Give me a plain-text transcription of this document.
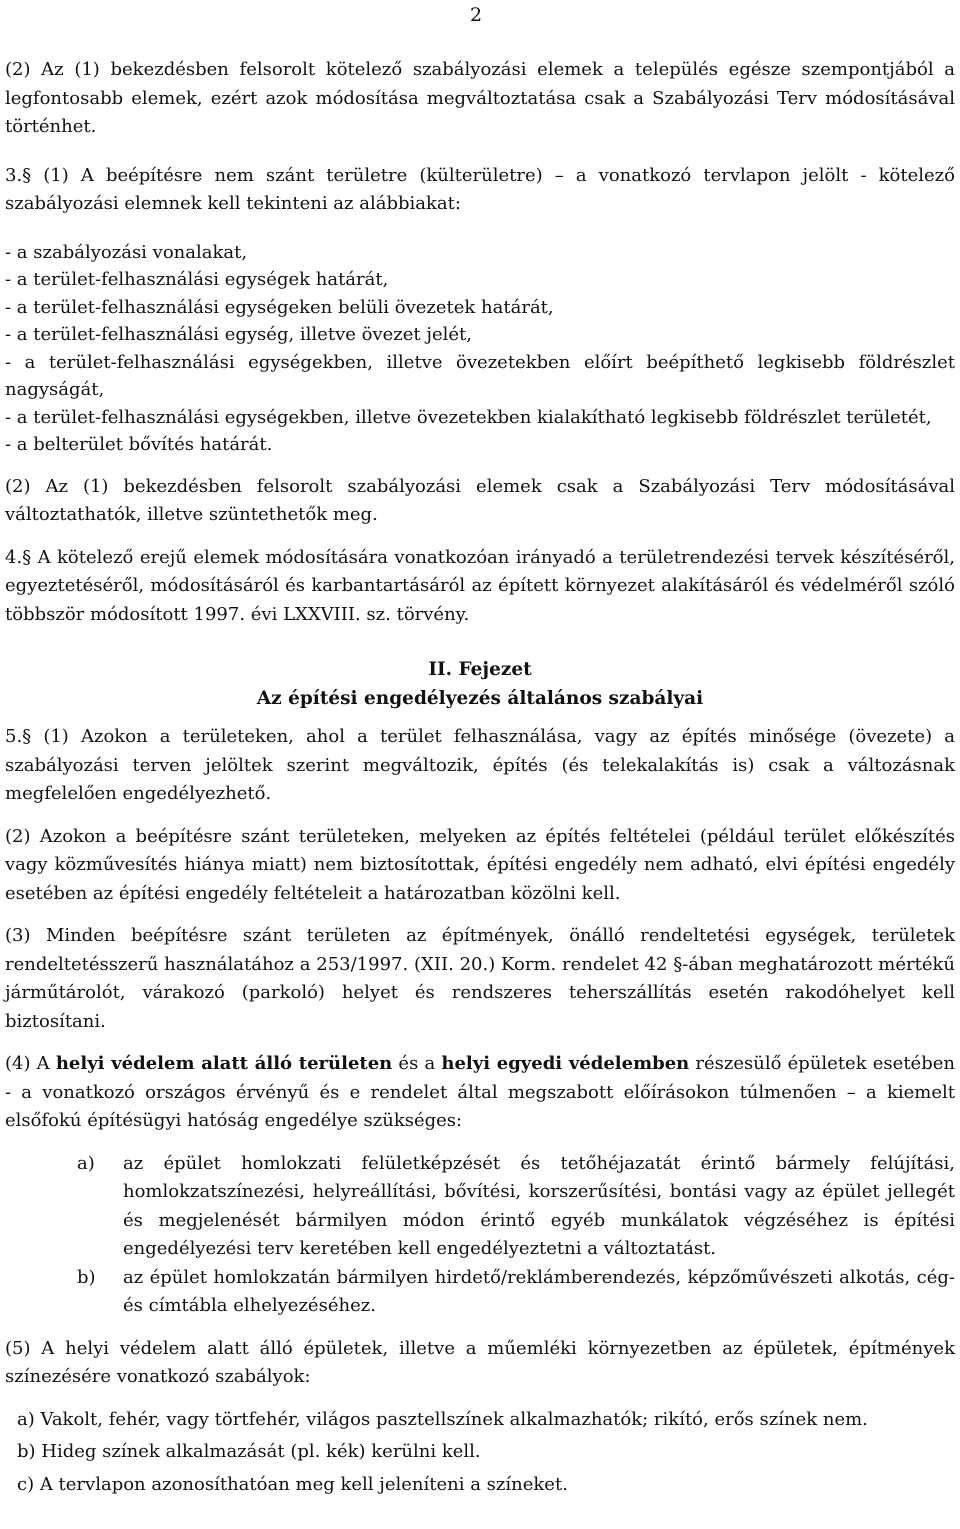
2

(2) Az (1) bekezdésben felsorolt kötelező szabályozási elemek a település egésze szempontjából a legfontosabb elemek, ezért azok módosítása megváltoztatása csak a Szabályozási Terv módosításával történhet.

3.§ (1) A beépítésre nem szánt területre (külterületre) – a vonatkozó tervlapon jelölt - kötelező szabályozási elemnek kell tekinteni az alábbiakat:

- a szabályozási vonalakat,

- a terület-felhasználási egységek határát,

- a terület-felhasználási egységeken belüli övezetek határát,

- a terület-felhasználási egység, illetve övezet jelét,

- a terület-felhasználási egységekben, illetve övezetekben előírt beépíthető legkisebb földrészlet nagyságát,

- a terület-felhasználási egységekben, illetve övezetekben kialakítható legkisebb földrészlet területét,

- a belterület bővítés határát.

(2) Az (1) bekezdésben felsorolt szabályozási elemek csak a Szabályozási Terv módosításával változtathatók, illetve szüntethetők meg.

4.§ A kötelező erejű elemek módosítására vonatkozóan irányadó a területrendezési tervek készítéséről, egyeztetéséről, módosításáról és karbantartásáról az épített környezet alakításáról és védelméről szóló többször módosított 1997. évi LXXVIII. sz. törvény.

II. Fejezet
Az építési engedélyezés általános szabályai

5.§ (1) Azokon a területeken, ahol a terület felhasználása, vagy az építés minősége (övezete) a szabályozási terven jelöltek szerint megváltozik, építés (és telekalakítás is) csak a változásnak megfelelően engedélyezhető.

(2) Azokon a beépítésre szánt területeken, melyeken az építés feltételei (például terület előkészítés vagy közművesítés hiánya miatt) nem biztosítottak, építési engedély nem adható, elvi építési engedély esetében az építési engedély feltételeit a határozatban közölni kell.

(3) Minden beépítésre szánt területen az építmények, önálló rendeltetési egységek, területek rendeltetésszerű használatához a 253/1997. (XII. 20.) Korm. rendelet 42 §-ában meghatározott mértékű járműtárolót, várakozó (parkoló) helyet és rendszeres teherszállítás esetén rakodóhelyet kell biztosítani.

(4) A helyi védelem alatt álló területen és a helyi egyedi védelemben részesülő épületek esetében - a vonatkozó országos érvényű és e rendelet által megszabott előírásokon túlmenően – a kiemelt elsőfokú építésügyi hatóság engedélye szükséges:

a)	az épület homlokzati felületképzését és tetőhéjazatát érintő bármely felújítási, homlokzatszínezési, helyreállítási, bővítési, korszerűsítési, bontási vagy az épület jellegét és megjelenését bármilyen módon érintő egyéb munkálatok végzéséhez is építési engedélyezési terv keretében kell engedélyeztetni a változtatást.
b)	az épület homlokzatán bármilyen hirdető/reklámberendezés, képzőművészeti alkotás, cég- és címtábla elhelyezéséhez.

(5) A helyi védelem alatt álló épületek, illetve a műemléki környezetben az épületek, építmények színezésére vonatkozó szabályok:

a) Vakolt, fehér, vagy törtfehér, világos pasztellszínek alkalmazhatók; rikító, erős színek nem.

b) Hideg színek alkalmazását (pl. kék) kerülni kell.

c) A tervlapon azonosíthatóan meg kell jeleníteni a színeket.
